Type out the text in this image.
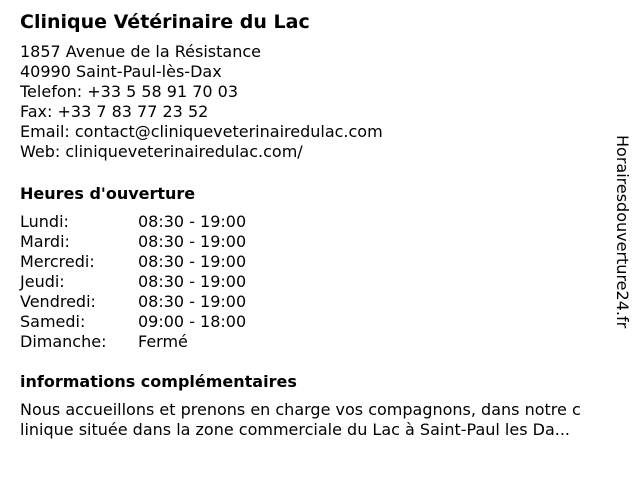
Clinique Vétérinaire du Lac
1857 Avenue de la Résistance
40990 Saint-Paul-lès-Dax
Telefon: +33 5 58 91 70 03
Fax: +33 7 83 77 23 52
Email: contact@cliniqueveterinairedulac.com
Web: cliniqueveterinairedulac.com/
Heures d'ouverture
Lundi:	08:30 - 19:00
Mardi:	08:30 - 19:00
Mercredi:	08:30 - 19:00
Jeudi:	08:30 - 19:00
Vendredi:	08:30 - 19:00
Samedi:	09:00 - 18:00
Dimanche:	Fermé
informations complémentaires
Nous accueillons et prenons en charge vos compagnons, dans notre c
linique située dans la zone commerciale du Lac à Saint-Paul les Da...
Horairesdouverture24.fr
